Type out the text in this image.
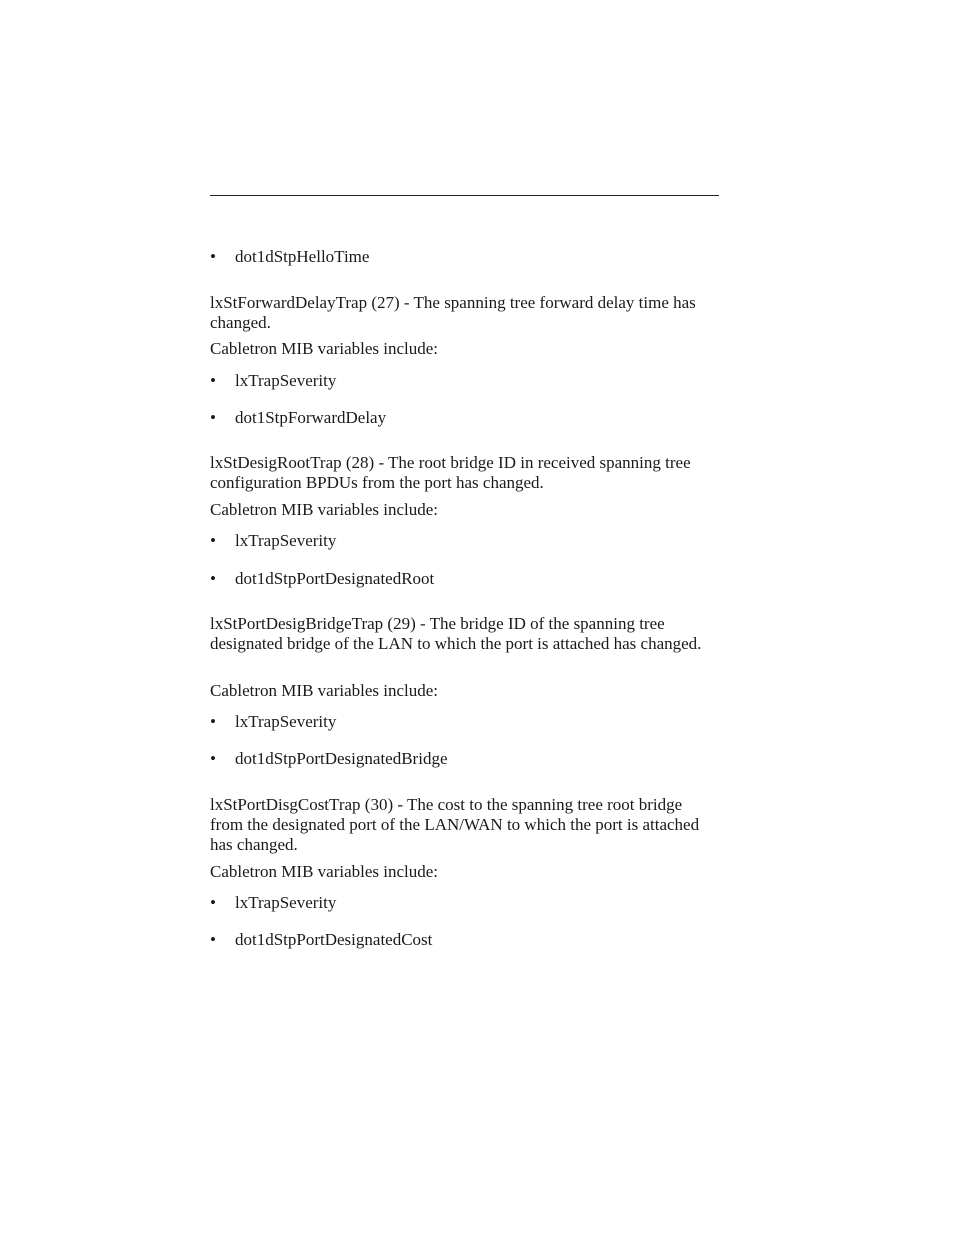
•	dot1dStpHelloTime

lxStForwardDelayTrap (27) - The spanning tree forward delay time has changed.

Cabletron MIB variables include:

•	lxTrapSeverity
•	dot1StpForwardDelay

lxStDesigRootTrap (28) - The root bridge ID in received spanning tree configuration BPDUs from the port has changed.

Cabletron MIB variables include:

•	lxTrapSeverity
•	dot1dStpPortDesignatedRoot

lxStPortDesigBridgeTrap (29) - The bridge ID of the spanning tree designated bridge of the LAN to which the port is attached has changed.

Cabletron MIB variables include:

•	lxTrapSeverity
•	dot1dStpPortDesignatedBridge

lxStPortDisgCostTrap (30) - The cost to the spanning tree root bridge from the designated port of the LAN/WAN to which the port is attached has changed.

Cabletron MIB variables include:

•	lxTrapSeverity
•	dot1dStpPortDesignatedCost
